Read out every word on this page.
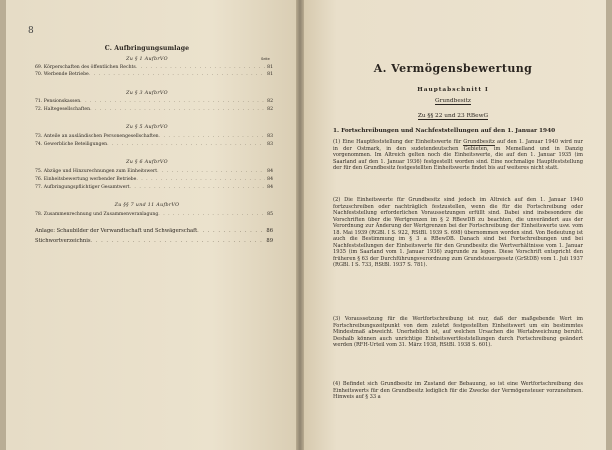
8
C. Aufbringungsumlage
Seite
Zu § 1 AufbrVO
69. Körperschaften des öffentlichen Rechts . . .	81
70. Werbende Betriebe . . .	81
Zu § 3 AufbrVO
71. Pensionskassen . . .	82
72. Haltegesellschaften . . .	82
Zu § 5 AufbrVO
73. Anteile an ausländischen Personengesellschaften . . .	83
74. Gewerbliche Beteiligungen . . .	83
Zu § 6 AufbrVO
75. Abzüge und Hinzurechnungen zum Einheitswert . . .	84
76. Einheitsbewertung werbender Betriebe . . .	84
77. Aufbringungspflichtiger Gesamtwert . . .	84
Zu §§ 7 und 11 AufbrVO
78. Zusammenrechnung und Zusammenveranlagung . . .	85
Anlage: Schaubilder der Verwandtschaft und Schwägerschaft . . .	86
Stichwortverzeichnis . . .	89
A. Vermögensbewertung
Hauptabschnitt I
Grundbesitz
Zu §§ 22 und 23 RBewG
1. Fortschreibungen und Nachfeststellungen auf den 1. Januar 1940
(1) Eine Hauptfeststellung der Einheitswerte für Grundbesitz auf den 1. Januar 1940 wird nur in der Ostmark, in den sudetendeutschen Gebieten, im Memelland und in Danzig vorgenommen. Im Altreich gelten noch die Einheitswerte, die auf den 1. Januar 1935 (im Saarland auf den 1. Januar 1936) festgestellt worden sind. Eine nochmalige Hauptfeststellung der für den Grundbesitz festgestellten Einheitswerte findet bis auf weiteres nicht statt.
(2) Die Einheitswerte für Grundbesitz sind jedoch im Altreich auf den 1. Januar 1940 fortzuschreiben oder nachträglich festzustellen, wenn die für die Fortschreibung oder Nachfeststellung erforderlichen Voraussetzungen erfüllt sind. Dabei sind insbesondere die Vorschriften über die Wertgrenzen im § 2 RBewDB zu beachten, die unverändert aus der Verordnung zur Änderung der Wertgrenzen bei der Fortschreibung der Einheitswerte usw. vom 18. Mai 1939 (RGBl. I S. 922, RStBl. 1939 S. 698) übernommen worden sind. Von Bedeutung ist auch die Bestimmung im § 3 a RBewDB. Danach sind bei Fortschreibungen und bei Nachfeststellungen der Einheitswerte für den Grundbesitz die Wertverhältnisse vom 1. Januar 1935 (im Saarland vom 1. Januar 1936) zugrunde zu legen. Diese Vorschrift entspricht den früheren § 63 der Durchführungsverordnung zum Grundsteuergesetz (GrStDB) vom 1. Juli 1937 (RGBl. I S. 733, RStBl. 1937 S. 781).
(3) Voraussetzung für die Wertfortschreibung ist nur, daß der maßgebende Wert im Fortschreibungszeitpunkt von dem zuletzt festgestellten Einheitswert um ein bestimmtes Mindestmaß abweicht. Unerheblich ist, auf welchen Ursachen die Wertabweichung beruht. Deshalb können auch unrichtige Einheitswertfeststellungen durch Fortschreibung geändert werden (RFH-Urteil vom 31. März 1938, RStBl. 1938 S. 601).
(4) Befindet sich Grundbesitz im Zustand der Bebauung, so ist eine Wertfortschreibung des Einheitswerts für den Grundbesitz lediglich für die Zwecke der Vermögensteuer vorzunehmen. Hinweis auf § 33 a
